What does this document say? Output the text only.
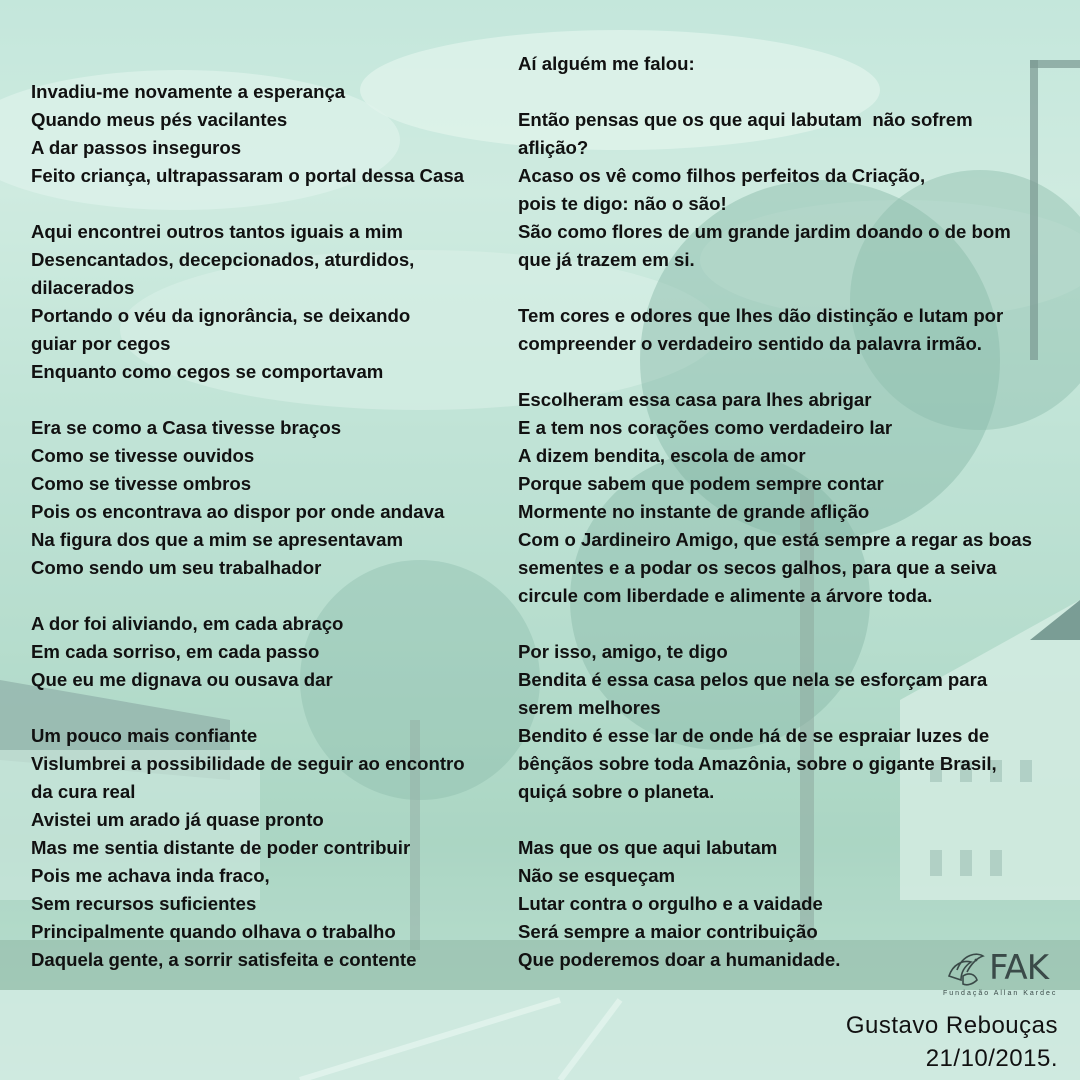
Invadiu-me novamente a esperança
Quando meus pés vacilantes
A dar passos inseguros
Feito criança, ultrapassaram o portal dessa Casa
Aqui encontrei outros tantos iguais a mim
Desencantados, decepcionados, aturdidos,
dilacerados
Portando o véu da ignorância, se deixando
guiar por cegos
Enquanto como cegos se comportavam
Era se como a Casa tivesse braços
Como se tivesse ouvidos
Como se tivesse ombros
Pois os encontrava ao dispor por onde andava
Na figura dos que a mim se apresentavam
Como sendo um seu trabalhador
A dor foi aliviando, em cada abraço
Em cada sorriso, em cada passo
Que eu me dignava ou ousava dar
Um pouco mais confiante
Vislumbrei a possibilidade de seguir ao encontro
da cura real
Avistei um arado já quase pronto
Mas me sentia distante de poder contribuir
Pois me achava inda fraco,
Sem recursos suficientes
Principalmente quando olhava o trabalho
Daquela gente, a sorrir satisfeita e contente
Aí alguém me falou:
Então pensas que os que aqui labutam  não sofrem
aflição?
Acaso os vê como filhos perfeitos da Criação,
pois te digo: não o são!
São como flores de um grande jardim doando o de bom
que já trazem em si.
Tem cores e odores que lhes dão distinção e lutam por
compreender o verdadeiro sentido da palavra irmão.
Escolheram essa casa para lhes abrigar
E a tem nos corações como verdadeiro lar
A dizem bendita, escola de amor
Porque sabem que podem sempre contar
Mormente no instante de grande aflição
Com o Jardineiro Amigo, que está sempre a regar as boas
sementes e a podar os secos galhos, para que a seiva
circule com liberdade e alimente a árvore toda.
Por isso, amigo, te digo
Bendita é essa casa pelos que nela se esforçam para
serem melhores
Bendito é esse lar de onde há de se espraiar luzes de
bênçãos sobre toda Amazônia, sobre o gigante Brasil,
quiçá sobre o planeta.
Mas que os que aqui labutam
Não se esqueçam
Lutar contra o orgulho e a vaidade
Será sempre a maior contribuição
Que poderemos doar a humanidade.	FAK
Fundação Allan Kardec
Gustavo Rebouças
21/10/2015.
